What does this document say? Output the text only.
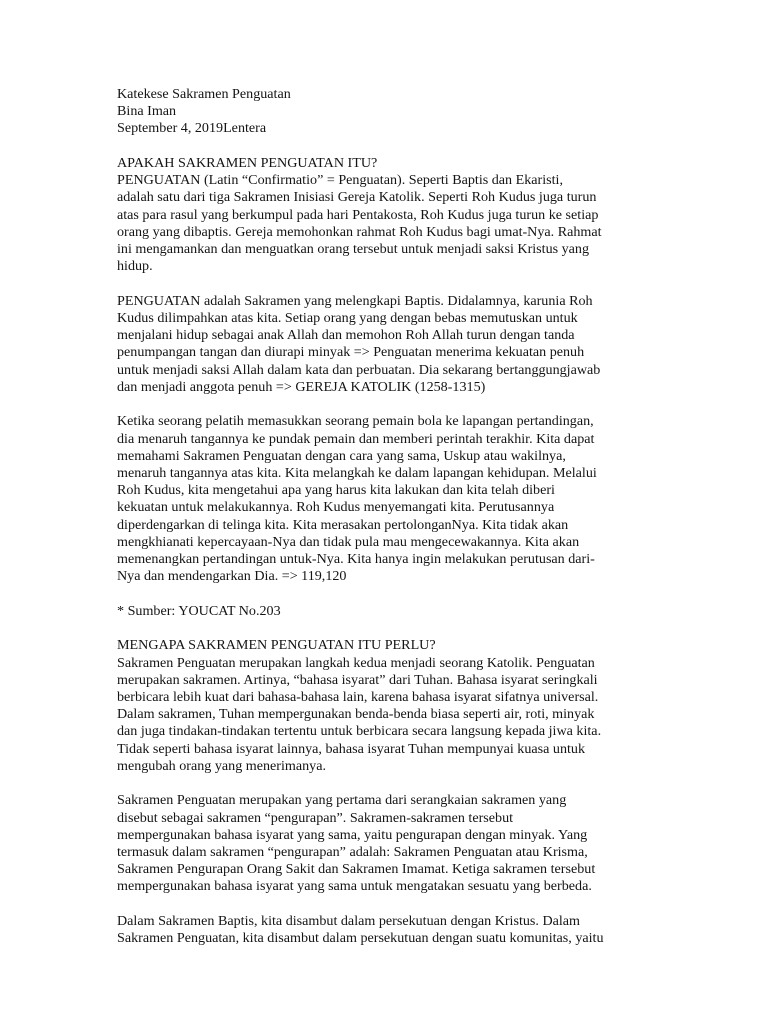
Katekese Sakramen Penguatan

Bina Iman

September 4, 2019Lentera

APAKAH SAKRAMEN PENGUATAN ITU?

PENGUATAN (Latin “Confirmatio” = Penguatan). Seperti Baptis dan Ekaristi,

adalah satu dari tiga Sakramen Inisiasi Gereja Katolik. Seperti Roh Kudus juga turun

atas para rasul yang berkumpul pada hari Pentakosta, Roh Kudus juga turun ke setiap

orang yang dibaptis. Gereja memohonkan rahmat Roh Kudus bagi umat-Nya. Rahmat

ini mengamankan dan menguatkan orang tersebut untuk menjadi saksi Kristus yang

hidup.

PENGUATAN adalah Sakramen yang melengkapi Baptis. Didalamnya, karunia Roh

Kudus dilimpahkan atas kita. Setiap orang yang dengan bebas memutuskan untuk

menjalani hidup sebagai anak Allah dan memohon Roh Allah turun dengan tanda

penumpangan tangan dan diurapi minyak => Penguatan menerima kekuatan penuh

untuk menjadi saksi Allah dalam kata dan perbuatan. Dia sekarang bertanggungjawab

dan menjadi anggota penuh => GEREJA KATOLIK (1258-1315)

Ketika seorang pelatih memasukkan seorang pemain bola ke lapangan pertandingan,

dia menaruh tangannya ke pundak pemain dan memberi perintah terakhir. Kita dapat

memahami Sakramen Penguatan dengan cara yang sama, Uskup atau wakilnya,

menaruh tangannya atas kita. Kita melangkah ke dalam lapangan kehidupan. Melalui

Roh Kudus, kita mengetahui apa yang harus kita lakukan dan kita telah diberi

kekuatan untuk melakukannya. Roh Kudus menyemangati kita. Perutusannya

diperdengarkan di telinga kita. Kita merasakan pertolonganNya. Kita tidak akan

mengkhianati kepercayaan-Nya dan tidak pula mau mengecewakannya. Kita akan

memenangkan pertandingan untuk-Nya. Kita hanya ingin melakukan perutusan dari-

Nya dan mendengarkan Dia. => 119,120

* Sumber: YOUCAT No.203

MENGAPA SAKRAMEN PENGUATAN ITU PERLU?

Sakramen Penguatan merupakan langkah kedua menjadi seorang Katolik. Penguatan

merupakan sakramen. Artinya, “bahasa isyarat” dari Tuhan. Bahasa isyarat seringkali

berbicara lebih kuat dari bahasa-bahasa lain, karena bahasa isyarat sifatnya universal.

Dalam sakramen, Tuhan mempergunakan benda-benda biasa seperti air, roti, minyak

dan juga tindakan-tindakan tertentu untuk berbicara secara langsung kepada jiwa kita.

Tidak seperti bahasa isyarat lainnya, bahasa isyarat Tuhan mempunyai kuasa untuk

mengubah orang yang menerimanya.

Sakramen Penguatan merupakan yang pertama dari serangkaian sakramen yang

disebut sebagai sakramen “pengurapan”. Sakramen-sakramen tersebut

mempergunakan bahasa isyarat yang sama, yaitu pengurapan dengan minyak. Yang

termasuk dalam sakramen “pengurapan” adalah: Sakramen Penguatan atau Krisma,

Sakramen Pengurapan Orang Sakit dan Sakramen Imamat. Ketiga sakramen tersebut

mempergunakan bahasa isyarat yang sama untuk mengatakan sesuatu yang berbeda.

Dalam Sakramen Baptis, kita disambut dalam persekutuan dengan Kristus. Dalam

Sakramen Penguatan, kita disambut dalam persekutuan dengan suatu komunitas, yaitu
